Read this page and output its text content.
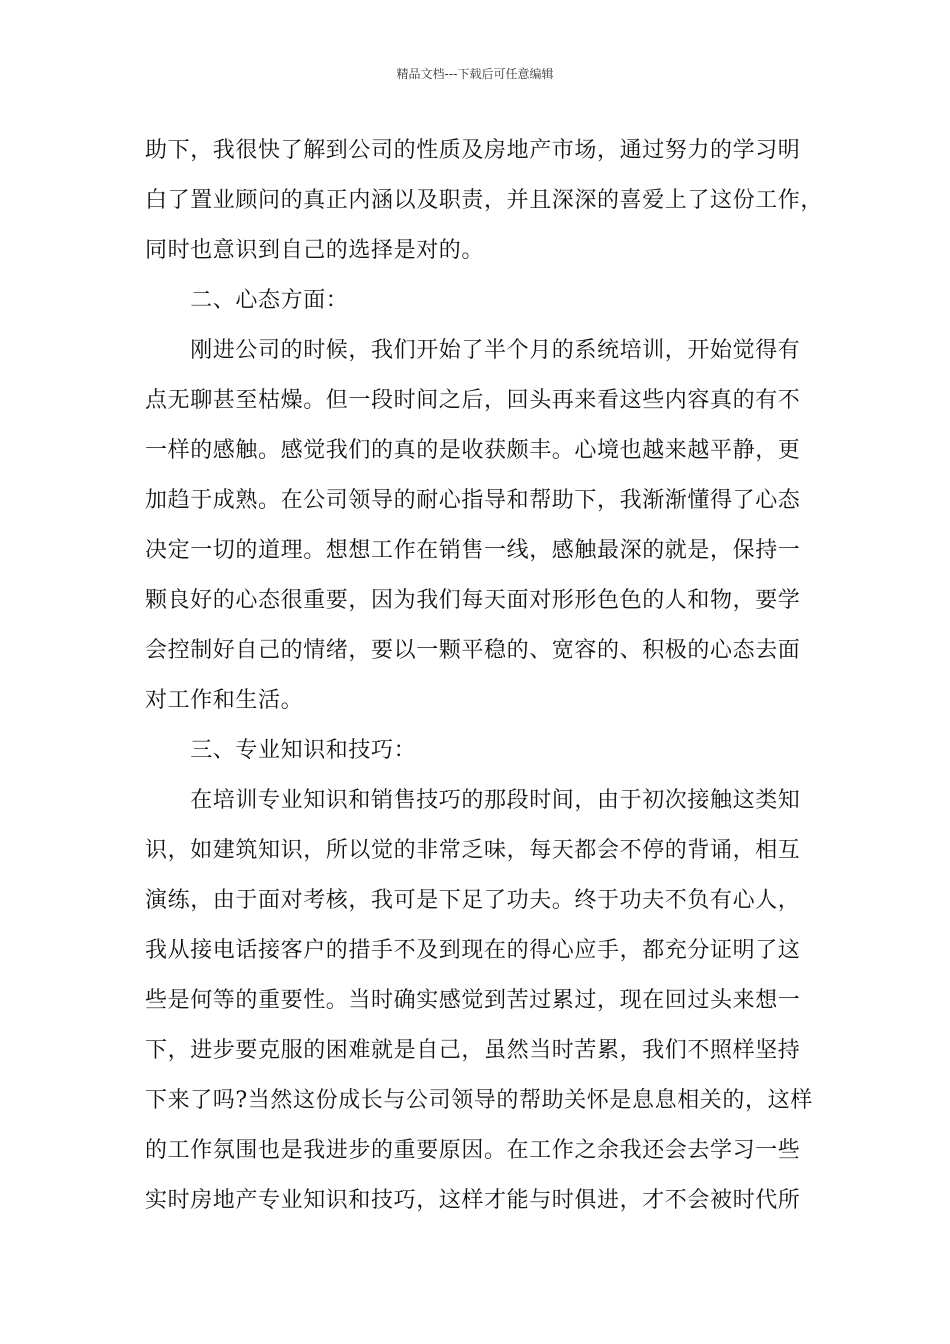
精品文档---下载后可任意编辑
助下，我很快了解到公司的性质及房地产市场，通过努力的学习明
白了置业顾问的真正内涵以及职责，并且深深的喜爱上了这份工作，
同时也意识到自己的选择是对的。
　　二、心态方面：
　　刚进公司的时候，我们开始了半个月的系统培训，开始觉得有
点无聊甚至枯燥。但一段时间之后，回头再来看这些内容真的有不
一样的感触。感觉我们的真的是收获颇丰。心境也越来越平静，更
加趋于成熟。在公司领导的耐心指导和帮助下，我渐渐懂得了心态
决定一切的道理。想想工作在销售一线，感触最深的就是，保持一
颗良好的心态很重要，因为我们每天面对形形色色的人和物，要学
会控制好自己的情绪，要以一颗平稳的、宽容的、积极的心态去面
对工作和生活。
　　三、专业知识和技巧：
　　在培训专业知识和销售技巧的那段时间，由于初次接触这类知
识，如建筑知识，所以觉的非常乏味，每天都会不停的背诵，相互
演练，由于面对考核，我可是下足了功夫。终于功夫不负有心人，
我从接电话接客户的措手不及到现在的得心应手，都充分证明了这
些是何等的重要性。当时确实感觉到苦过累过，现在回过头来想一
下，进步要克服的困难就是自己，虽然当时苦累，我们不照样坚持
下来了吗?当然这份成长与公司领导的帮助关怀是息息相关的，这样
的工作氛围也是我进步的重要原因。在工作之余我还会去学习一些
实时房地产专业知识和技巧，这样才能与时俱进，才不会被时代所
